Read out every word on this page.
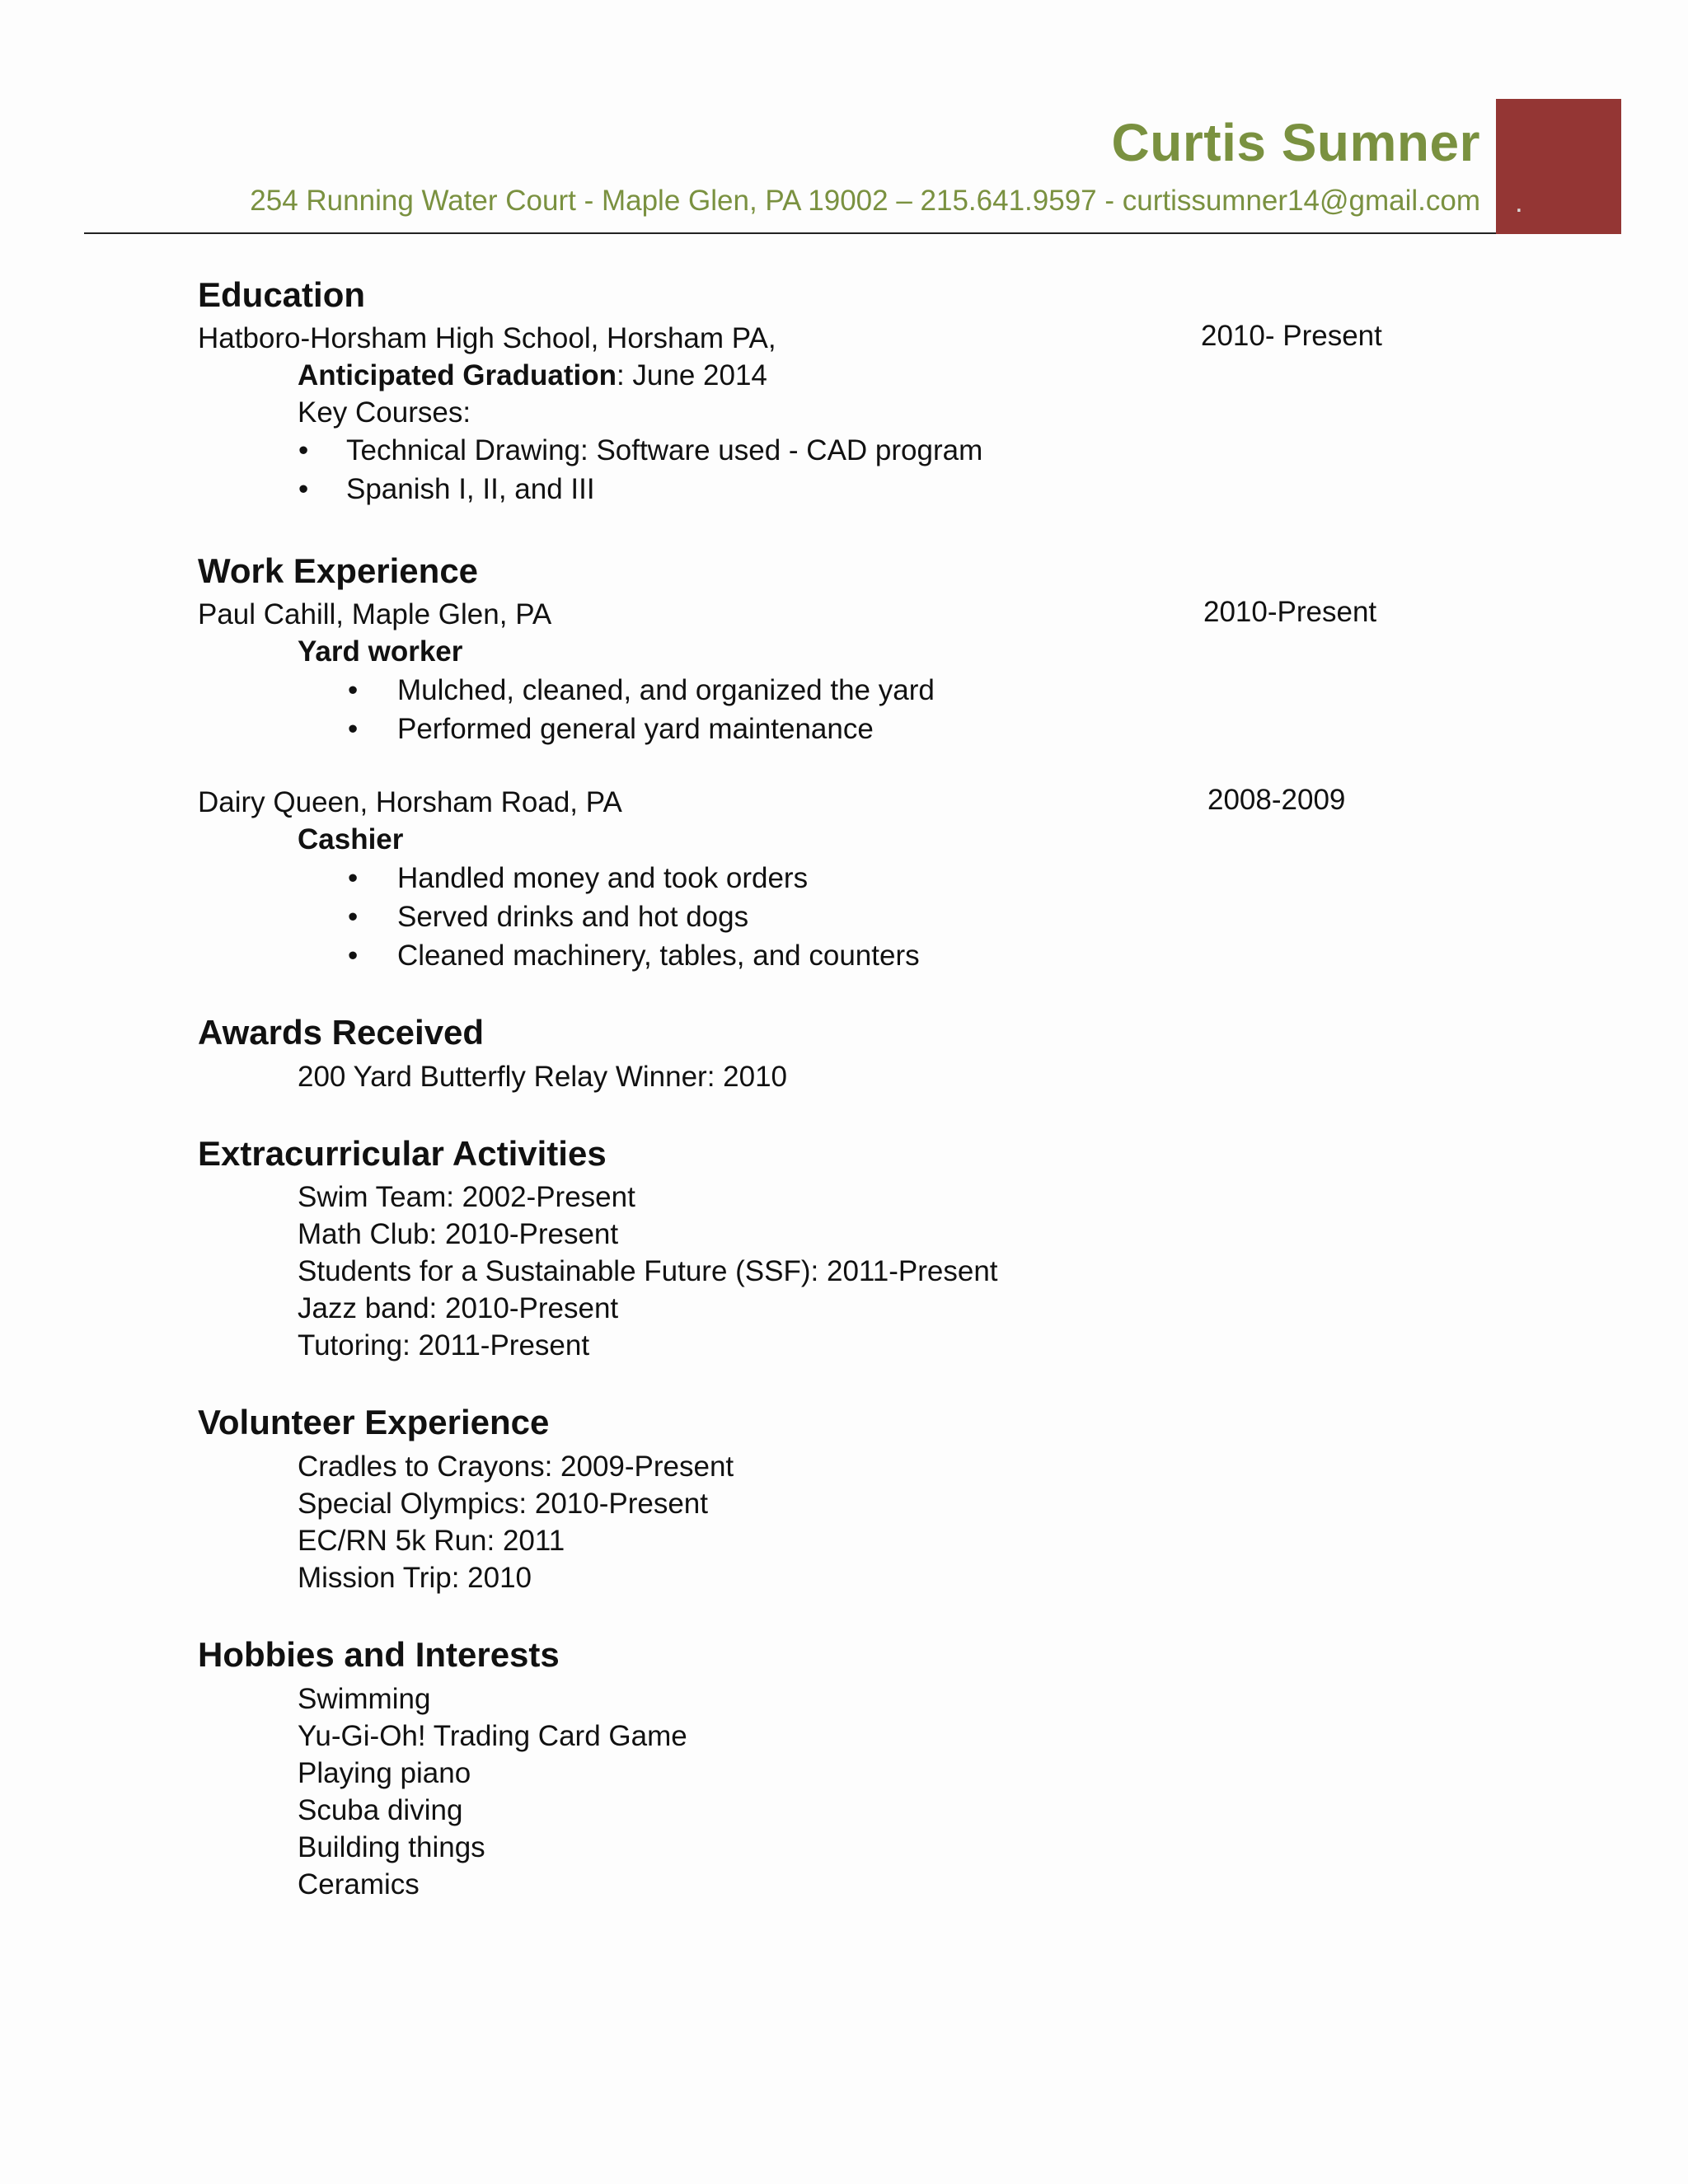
Curtis Sumner
254 Running Water Court - Maple Glen, PA 19002 – 215.641.9597 - curtissumner14@gmail.com .
Education
Hatboro-Horsham High School, Horsham PA,	2010- Present
Anticipated Graduation: June 2014
Key Courses:
• Technical Drawing: Software used - CAD program
• Spanish I, II, and III
Work Experience
Paul Cahill, Maple Glen, PA	2010-Present
Yard worker
• Mulched, cleaned, and organized the yard
• Performed general yard maintenance
Dairy Queen, Horsham Road, PA	2008-2009
Cashier
• Handled money and took orders
• Served drinks and hot dogs
• Cleaned machinery, tables, and counters
Awards Received
200 Yard Butterfly Relay Winner: 2010
Extracurricular Activities
Swim Team: 2002-Present
Math Club: 2010-Present
Students for a Sustainable Future (SSF): 2011-Present
Jazz band: 2010-Present
Tutoring: 2011-Present
Volunteer Experience
Cradles to Crayons: 2009-Present
Special Olympics: 2010-Present
EC/RN 5k Run: 2011
Mission Trip: 2010
Hobbies and Interests
Swimming
Yu-Gi-Oh! Trading Card Game
Playing piano
Scuba diving
Building things
Ceramics
